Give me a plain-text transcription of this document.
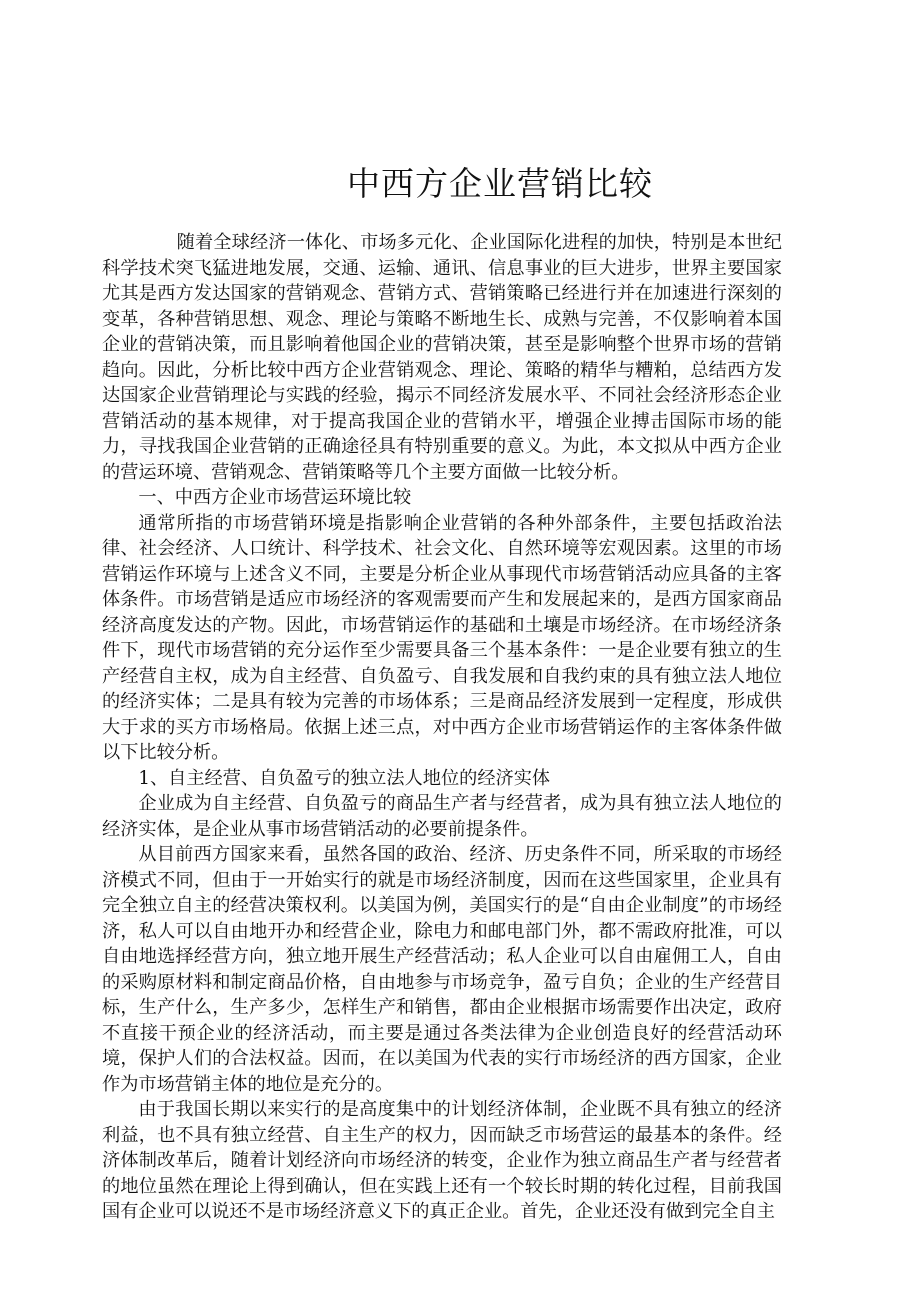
中西方企业营销比较

随着全球经济一体化、市场多元化、企业国际化进程的加快，特别是本世纪科学技术突飞猛进地发展，交通、运输、通讯、信息事业的巨大进步，世界主要国家尤其是西方发达国家的营销观念、营销方式、营销策略已经进行并在加速进行深刻的变革，各种营销思想、观念、理论与策略不断地生长、成熟与完善，不仅影响着本国企业的营销决策，而且影响着他国企业的营销决策，甚至是影响整个世界市场的营销趋向。因此，分析比较中西方企业营销观念、理论、策略的精华与糟粕，总结西方发达国家企业营销理论与实践的经验，揭示不同经济发展水平、不同社会经济形态企业营销活动的基本规律，对于提高我国企业的营销水平，增强企业搏击国际市场的能力，寻找我国企业营销的正确途径具有特别重要的意义。为此，本文拟从中西方企业的营运环境、营销观念、营销策略等几个主要方面做一比较分析。

一、中西方企业市场营运环境比较

通常所指的市场营销环境是指影响企业营销的各种外部条件，主要包括政治法律、社会经济、人口统计、科学技术、社会文化、自然环境等宏观因素。这里的市场营销运作环境与上述含义不同，主要是分析企业从事现代市场营销活动应具备的主客体条件。市场营销是适应市场经济的客观需要而产生和发展起来的，是西方国家商品经济高度发达的产物。因此，市场营销运作的基础和土壤是市场经济。在市场经济条件下，现代市场营销的充分运作至少需要具备三个基本条件：一是企业要有独立的生产经营自主权，成为自主经营、自负盈亏、自我发展和自我约束的具有独立法人地位的经济实体；二是具有较为完善的市场体系；三是商品经济发展到一定程度，形成供大于求的买方市场格局。依据上述三点，对中西方企业市场营销运作的主客体条件做以下比较分析。

1、自主经营、自负盈亏的独立法人地位的经济实体

企业成为自主经营、自负盈亏的商品生产者与经营者，成为具有独立法人地位的经济实体，是企业从事市场营销活动的必要前提条件。

从目前西方国家来看，虽然各国的政治、经济、历史条件不同，所采取的市场经济模式不同，但由于一开始实行的就是市场经济制度，因而在这些国家里，企业具有完全独立自主的经营决策权利。以美国为例，美国实行的是“自由企业制度”的市场经济，私人可以自由地开办和经营企业，除电力和邮电部门外，都不需政府批准，可以自由地选择经营方向，独立地开展生产经营活动；私人企业可以自由雇佣工人，自由的采购原材料和制定商品价格，自由地参与市场竞争，盈亏自负；企业的生产经营目标，生产什么，生产多少，怎样生产和销售，都由企业根据市场需要作出决定，政府不直接干预企业的经济活动，而主要是通过各类法律为企业创造良好的经营活动环境，保护人们的合法权益。因而，在以美国为代表的实行市场经济的西方国家，企业作为市场营销主体的地位是充分的。

由于我国长期以来实行的是高度集中的计划经济体制，企业既不具有独立的经济利益，也不具有独立经营、自主生产的权力，因而缺乏市场营运的最基本的条件。经济体制改革后，随着计划经济向市场经济的转变，企业作为独立商品生产者与经营者的地位虽然在理论上得到确认，但在实践上还有一个较长时期的转化过程，目前我国国有企业可以说还不是市场经济意义下的真正企业。首先，企业还没有做到完全自主
